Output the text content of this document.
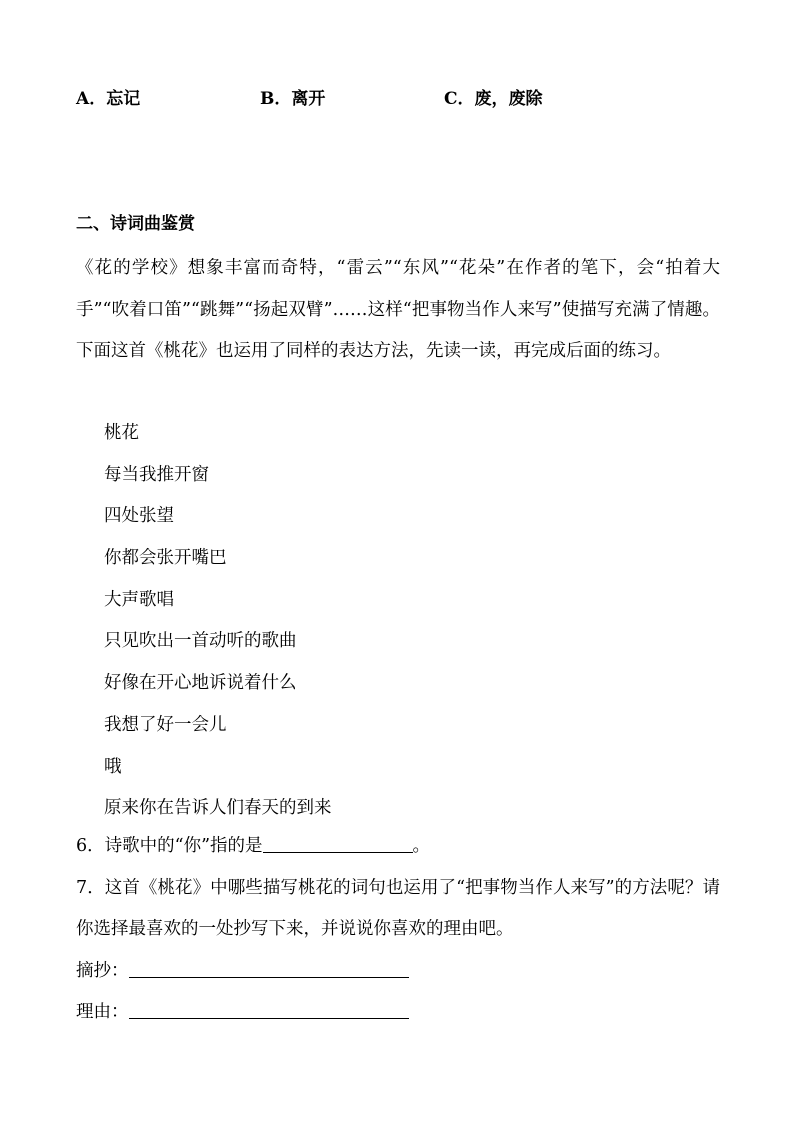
A．忘记	B．离开	C．废，废除
二、诗词曲鉴赏
《花的学校》想象丰富而奇特，“雷云”“东风”“花朵”在作者的笔下，会“拍着大手”“吹着口笛”“跳舞”“扬起双臂”……这样“把事物当作人来写”使描写充满了情趣。下面这首《桃花》也运用了同样的表达方法，先读一读，再完成后面的练习。
桃花
每当我推开窗
四处张望
你都会张开嘴巴
大声歌唱
只见吹出一首动听的歌曲
好像在开心地诉说着什么
我想了好一会儿
哦
原来你在告诉人们春天的到来
6．诗歌中的“你”指的是	。
7．这首《桃花》中哪些描写桃花的词句也运用了“把事物当作人来写”的方法呢？请你选择最喜欢的一处抄写下来，并说说你喜欢的理由吧。
摘抄：
理由：
